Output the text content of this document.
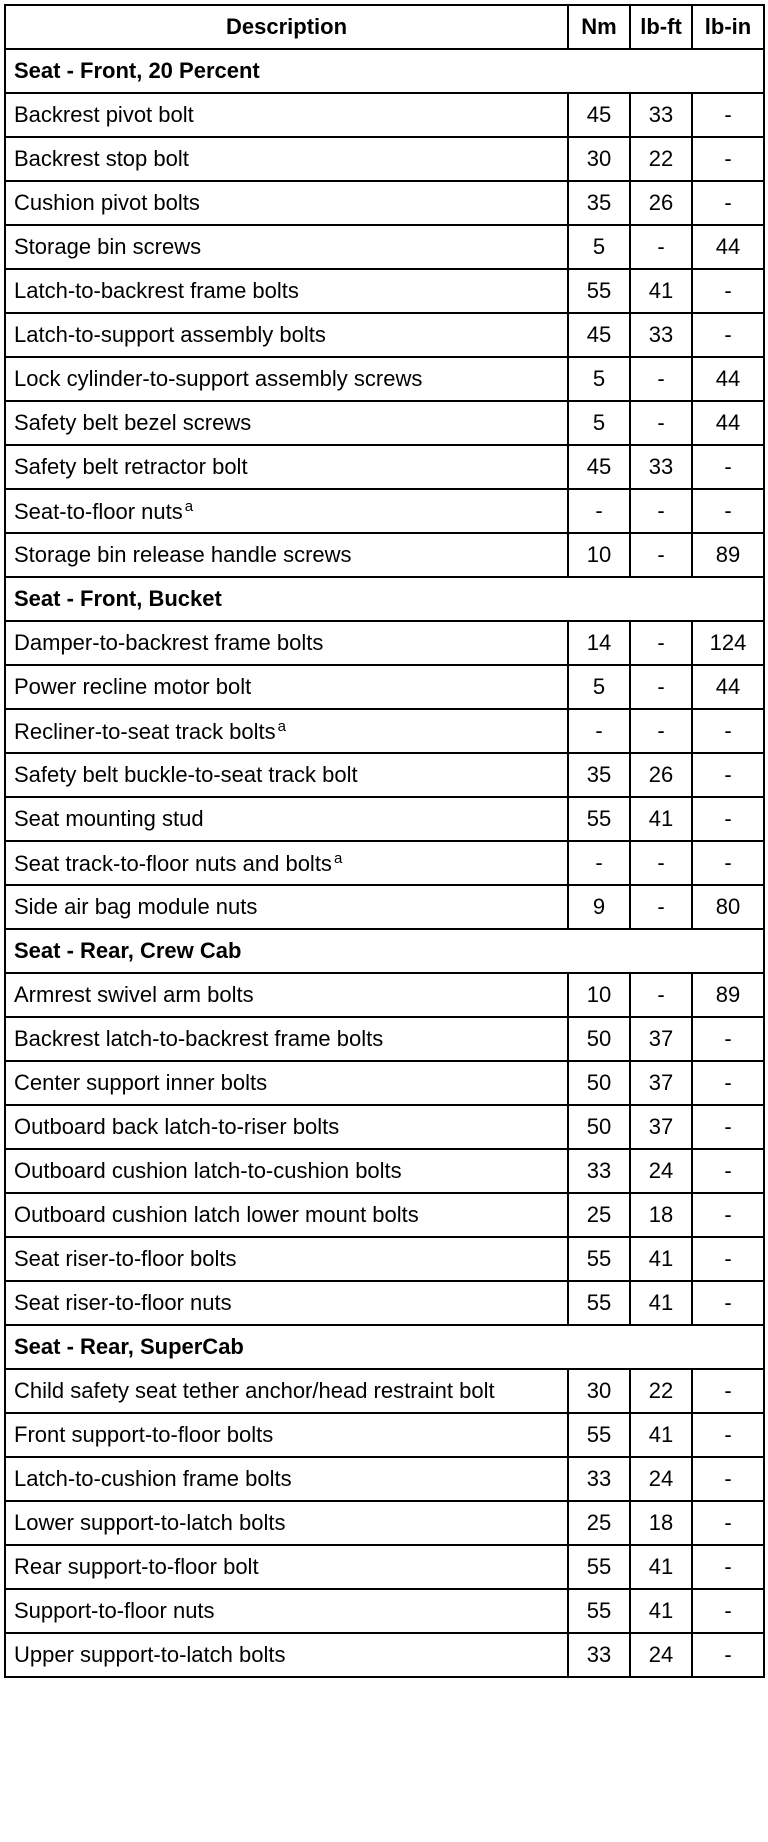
Description	Nm	lb-ft	lb-in
Seat - Front, 20 Percent			
Backrest pivot bolt	45	33	-
Backrest stop bolt	30	22	-
Cushion pivot bolts	35	26	-
Storage bin screws	5	-	44
Latch-to-backrest frame bolts	55	41	-
Latch-to-support assembly bolts	45	33	-
Lock cylinder-to-support assembly screws	5	-	44
Safety belt bezel screws	5	-	44
Safety belt retractor bolt	45	33	-
Seat-to-floor nuts $^a$	-	-	-
Storage bin release handle screws	10	-	89
Seat - Front, Bucket			
Damper-to-backrest frame bolts	14	-	124
Power recline motor bolt	5	-	44
Recliner-to-seat track bolts $^a$	-	-	-
Safety belt buckle-to-seat track bolt	35	26	-
Seat mounting stud	55	41	-
Seat track-to-floor nuts and bolts $^a$	-	-	-
Side air bag module nuts	9	-	80
Seat - Rear, Crew Cab			
Armrest swivel arm bolts	10	-	89
Backrest latch-to-backrest frame bolts	50	37	-
Center support inner bolts	50	37	-
Outboard back latch-to-riser bolts	50	37	-
Outboard cushion latch-to-cushion bolts	33	24	-
Outboard cushion latch lower mount bolts	25	18	-
Seat riser-to-floor bolts	55	41	-
Seat riser-to-floor nuts	55	41	-
Seat - Rear, SuperCab			
Child safety seat tether anchor/head restraint bolt	30	22	-
Front support-to-floor bolts	55	41	-
Latch-to-cushion frame bolts	33	24	-
Lower support-to-latch bolts	25	18	-
Rear support-to-floor bolt	55	41	-
Support-to-floor nuts	55	41	-
Upper support-to-latch bolts	33	24	-
